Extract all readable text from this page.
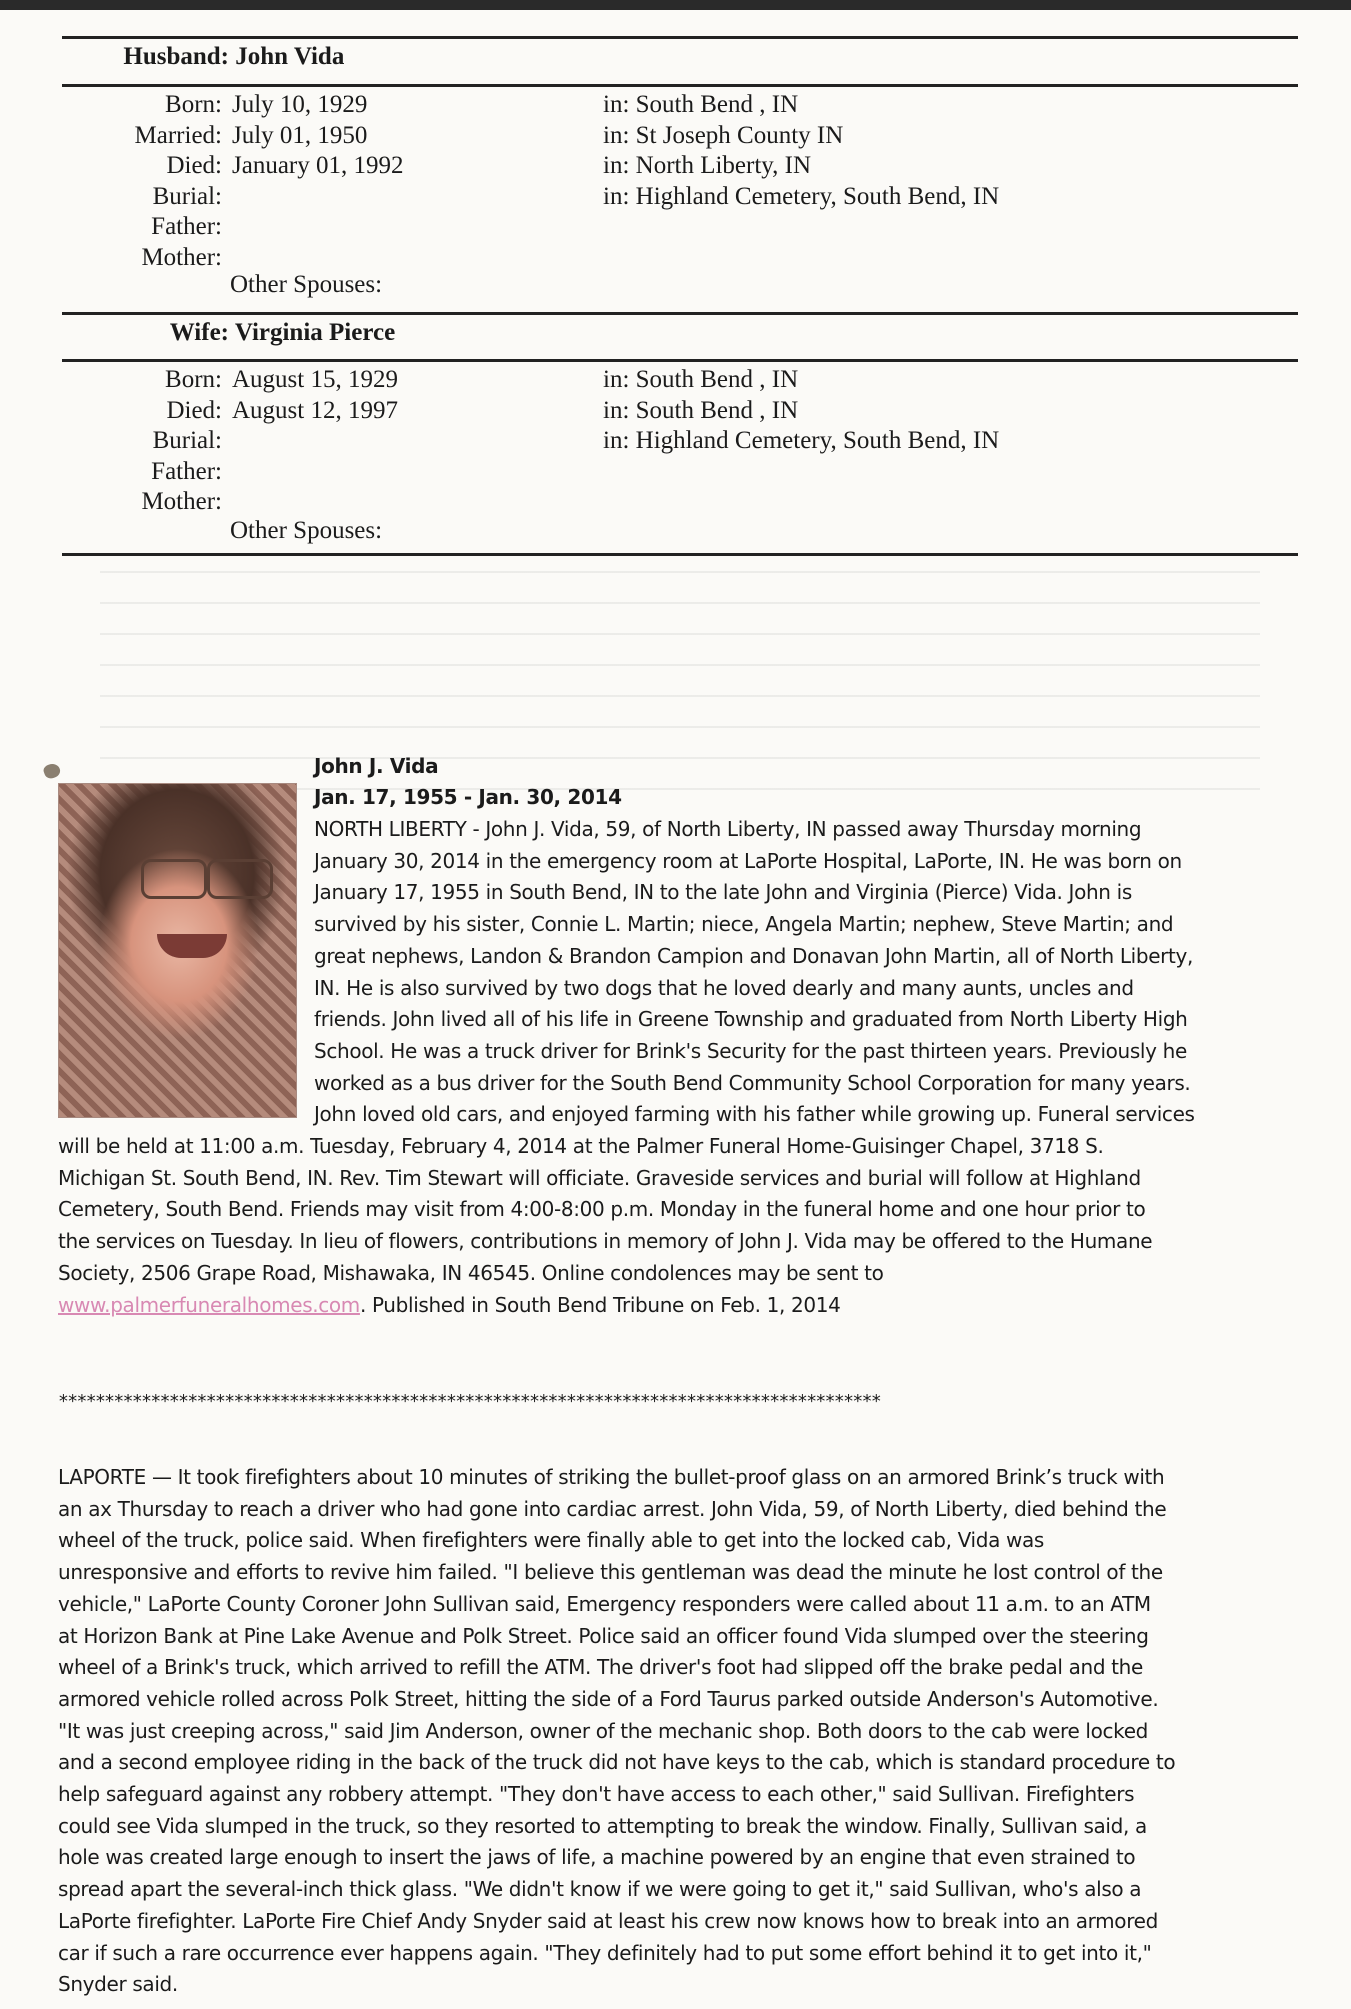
Husband: John Vida
Born: July 10, 1929	in: South Bend , IN
Married: July 01, 1950	in: St Joseph County IN
Died: January 01, 1992	in: North Liberty, IN
Burial:	in: Highland Cemetery, South Bend, IN
Father:
Mother:
Other Spouses:
Wife: Virginia Pierce
Born: August 15, 1929	in: South Bend , IN
Died: August 12, 1997	in: South Bend , IN
Burial:	in: Highland Cemetery, South Bend, IN
Father:
Mother:
Other Spouses:
John J. Vida
Jan. 17, 1955 - Jan. 30, 2014

NORTH LIBERTY - John J. Vida, 59, of North Liberty, IN passed away Thursday morning

January 30, 2014 in the emergency room at LaPorte Hospital, LaPorte, IN. He was born on

January 17, 1955 in South Bend, IN to the late John and Virginia (Pierce) Vida. John is

survived by his sister, Connie L. Martin; niece, Angela Martin; nephew, Steve Martin; and

great nephews, Landon & Brandon Campion and Donavan John Martin, all of North Liberty,

IN. He is also survived by two dogs that he loved dearly and many aunts, uncles and

friends. John lived all of his life in Greene Township and graduated from North Liberty High

School. He was a truck driver for Brink's Security for the past thirteen years. Previously he

worked as a bus driver for the South Bend Community School Corporation for many years.

John loved old cars, and enjoyed farming with his father while growing up. Funeral services

will be held at 11:00 a.m. Tuesday, February 4, 2014 at the Palmer Funeral Home-Guisinger Chapel, 3718 S.

Michigan St. South Bend, IN. Rev. Tim Stewart will officiate. Graveside services and burial will follow at Highland

Cemetery, South Bend. Friends may visit from 4:00-8:00 p.m. Monday in the funeral home and one hour prior to

the services on Tuesday. In lieu of flowers, contributions in memory of John J. Vida may be offered to the Humane

Society, 2506 Grape Road, Mishawaka, IN 46545. Online condolences may be sent to

www.palmerfuneralhomes.com. Published in South Bend Tribune on Feb. 1, 2014

*****************************************************************************************

LAPORTE — It took firefighters about 10 minutes of striking the bullet-proof glass on an armored Brink’s truck with

an ax Thursday to reach a driver who had gone into cardiac arrest. John Vida, 59, of North Liberty, died behind the

wheel of the truck, police said. When firefighters were finally able to get into the locked cab, Vida was

unresponsive and efforts to revive him failed. "I believe this gentleman was dead the minute he lost control of the

vehicle," LaPorte County Coroner John Sullivan said, Emergency responders were called about 11 a.m. to an ATM

at Horizon Bank at Pine Lake Avenue and Polk Street. Police said an officer found Vida slumped over the steering

wheel of a Brink's truck, which arrived to refill the ATM. The driver's foot had slipped off the brake pedal and the

armored vehicle rolled across Polk Street, hitting the side of a Ford Taurus parked outside Anderson's Automotive.

"It was just creeping across," said Jim Anderson, owner of the mechanic shop. Both doors to the cab were locked

and a second employee riding in the back of the truck did not have keys to the cab, which is standard procedure to

help safeguard against any robbery attempt. "They don't have access to each other," said Sullivan. Firefighters

could see Vida slumped in the truck, so they resorted to attempting to break the window. Finally, Sullivan said, a

hole was created large enough to insert the jaws of life, a machine powered by an engine that even strained to

spread apart the several-inch thick glass. "We didn't know if we were going to get it," said Sullivan, who's also a

LaPorte firefighter. LaPorte Fire Chief Andy Snyder said at least his crew now knows how to break into an armored

car if such a rare occurrence ever happens again. "They definitely had to put some effort behind it to get into it,"

Snyder said.
